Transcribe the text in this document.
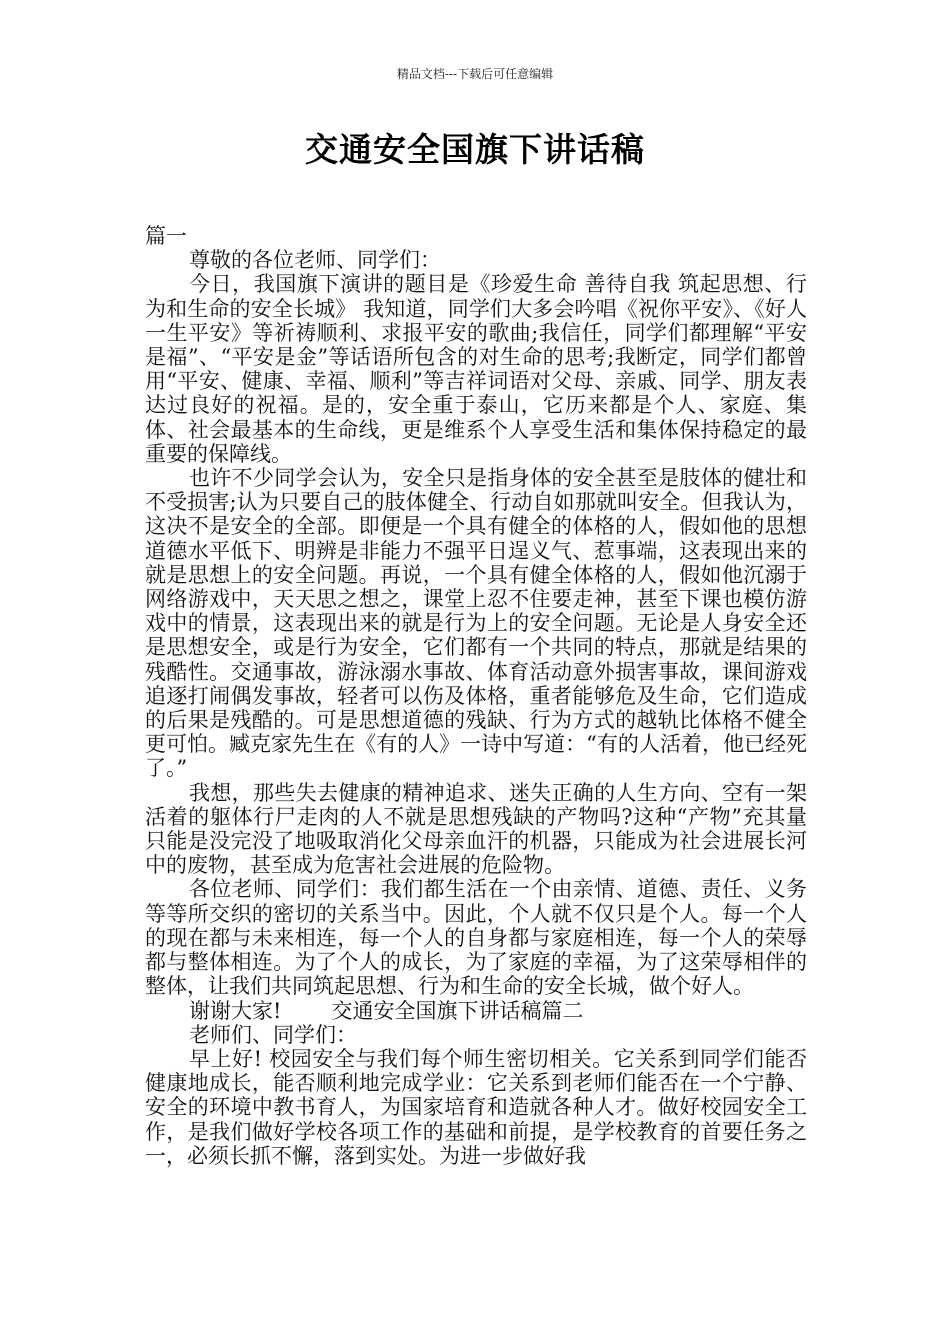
精品文档---下载后可任意编辑
交通安全国旗下讲话稿

篇一

尊敬的各位老师、同学们：

今日，我国旗下演讲的题目是《珍爱生命 善待自我 筑起思想、行为和生命的安全长城》 我知道，同学们大多会吟唱《祝你平安》、《好人一生平安》等祈祷顺利、求报平安的歌曲;我信任，同学们都理解“平安是福”、“平安是金”等话语所包含的对生命的思考;我断定，同学们都曾用“平安、健康、幸福、顺利”等吉祥词语对父母、亲戚、同学、朋友表达过良好的祝福。是的，安全重于泰山，它历来都是个人、家庭、集体、社会最基本的生命线，更是维系个人享受生活和集体保持稳定的最重要的保障线。

也许不少同学会认为，安全只是指身体的安全甚至是肢体的健壮和不受损害;认为只要自己的肢体健全、行动自如那就叫安全。但我认为，这决不是安全的全部。即便是一个具有健全的体格的人，假如他的思想道德水平低下、明辨是非能力不强平日逞义气、惹事端，这表现出来的就是思想上的安全问题。再说，一个具有健全体格的人，假如他沉溺于网络游戏中，天天思之想之，课堂上忍不住要走神，甚至下课也模仿游戏中的情景，这表现出来的就是行为上的安全问题。无论是人身安全还是思想安全，或是行为安全，它们都有一个共同的特点，那就是结果的残酷性。交通事故，游泳溺水事故、体育活动意外损害事故，课间游戏追逐打闹偶发事故，轻者可以伤及体格，重者能够危及生命，它们造成的后果是残酷的。可是思想道德的残缺、行为方式的越轨比体格不健全更可怕。臧克家先生在《有的人》一诗中写道：“有的人活着，他已经死了。”

我想，那些失去健康的精神追求、迷失正确的人生方向、空有一架活着的躯体行尸走肉的人不就是思想残缺的产物吗?这种“产物”充其量只能是没完没了地吸取消化父母亲血汗的机器，只能成为社会进展长河中的废物，甚至成为危害社会进展的危险物。

各位老师、同学们：我们都生活在一个由亲情、道德、责任、义务等等所交织的密切的关系当中。因此，个人就不仅只是个人。每一个人的现在都与未来相连，每一个人的自身都与家庭相连，每一个人的荣辱都与整体相连。为了个人的成长，为了家庭的幸福，为了这荣辱相伴的整体，让我们共同筑起思想、行为和生命的安全长城，做个好人。

谢谢大家! 交通安全国旗下讲话稿篇二

老师们、同学们：

早上好! 校园安全与我们每个师生密切相关。它关系到同学们能否健康地成长，能否顺利地完成学业：它关系到老师们能否在一个宁静、安全的环境中教书育人，为国家培育和造就各种人才。做好校园安全工作，是我们做好学校各项工作的基础和前提，是学校教育的首要任务之一，必须长抓不懈，落到实处。为进一步做好我
